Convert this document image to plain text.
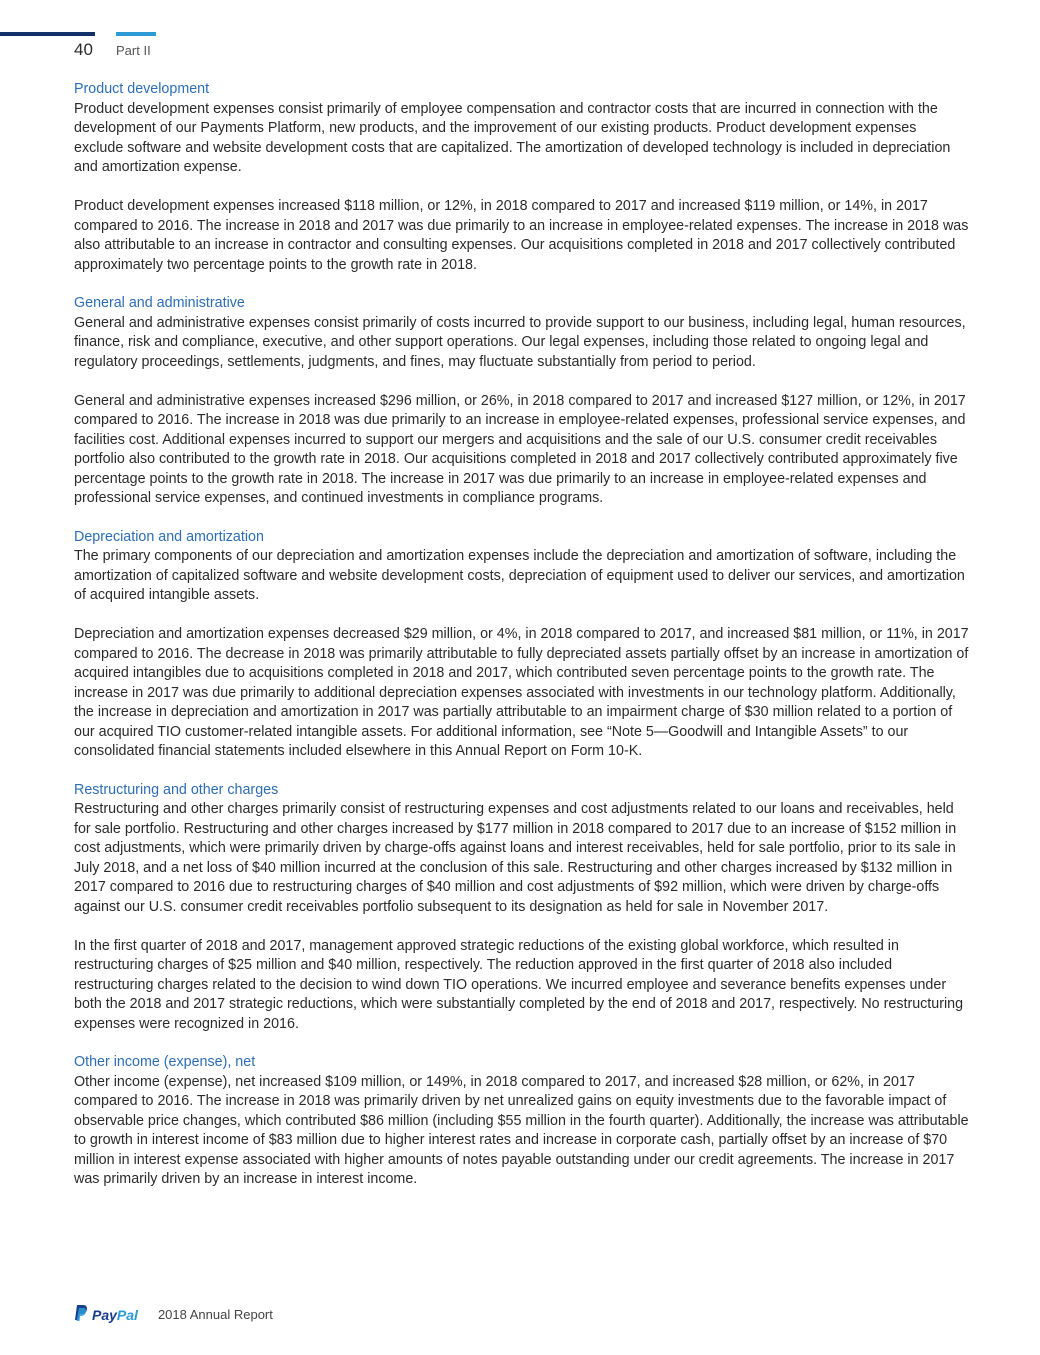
40 Part II

Product development

Product development expenses consist primarily of employee compensation and contractor costs that are incurred in connection with the development of our Payments Platform, new products, and the improvement of our existing products. Product development expenses exclude software and website development costs that are capitalized. The amortization of developed technology is included in depreciation and amortization expense.

Product development expenses increased $118 million, or 12%, in 2018 compared to 2017 and increased $119 million, or 14%, in 2017 compared to 2016. The increase in 2018 and 2017 was due primarily to an increase in employee-related expenses. The increase in 2018 was also attributable to an increase in contractor and consulting expenses. Our acquisitions completed in 2018 and 2017 collectively contributed approximately two percentage points to the growth rate in 2018.

General and administrative

General and administrative expenses consist primarily of costs incurred to provide support to our business, including legal, human resources, finance, risk and compliance, executive, and other support operations. Our legal expenses, including those related to ongoing legal and regulatory proceedings, settlements, judgments, and fines, may fluctuate substantially from period to period.

General and administrative expenses increased $296 million, or 26%, in 2018 compared to 2017 and increased $127 million, or 12%, in 2017 compared to 2016. The increase in 2018 was due primarily to an increase in employee-related expenses, professional service expenses, and facilities cost. Additional expenses incurred to support our mergers and acquisitions and the sale of our U.S. consumer credit receivables portfolio also contributed to the growth rate in 2018. Our acquisitions completed in 2018 and 2017 collectively contributed approximately five percentage points to the growth rate in 2018. The increase in 2017 was due primarily to an increase in employee-related expenses and professional service expenses, and continued investments in compliance programs.

Depreciation and amortization

The primary components of our depreciation and amortization expenses include the depreciation and amortization of software, including the amortization of capitalized software and website development costs, depreciation of equipment used to deliver our services, and amortization of acquired intangible assets.

Depreciation and amortization expenses decreased $29 million, or 4%, in 2018 compared to 2017, and increased $81 million, or 11%, in 2017 compared to 2016. The decrease in 2018 was primarily attributable to fully depreciated assets partially offset by an increase in amortization of acquired intangibles due to acquisitions completed in 2018 and 2017, which contributed seven percentage points to the growth rate. The increase in 2017 was due primarily to additional depreciation expenses associated with investments in our technology platform. Additionally, the increase in depreciation and amortization in 2017 was partially attributable to an impairment charge of $30 million related to a portion of our acquired TIO customer-related intangible assets. For additional information, see “Note 5—Goodwill and Intangible Assets” to our consolidated financial statements included elsewhere in this Annual Report on Form 10-K.

Restructuring and other charges

Restructuring and other charges primarily consist of restructuring expenses and cost adjustments related to our loans and receivables, held for sale portfolio. Restructuring and other charges increased by $177 million in 2018 compared to 2017 due to an increase of $152 million in cost adjustments, which were primarily driven by charge-offs against loans and interest receivables, held for sale portfolio, prior to its sale in July 2018, and a net loss of $40 million incurred at the conclusion of this sale. Restructuring and other charges increased by $132 million in 2017 compared to 2016 due to restructuring charges of $40 million and cost adjustments of $92 million, which were driven by charge-offs against our U.S. consumer credit receivables portfolio subsequent to its designation as held for sale in November 2017.

In the first quarter of 2018 and 2017, management approved strategic reductions of the existing global workforce, which resulted in restructuring charges of $25 million and $40 million, respectively. The reduction approved in the first quarter of 2018 also included restructuring charges related to the decision to wind down TIO operations. We incurred employee and severance benefits expenses under both the 2018 and 2017 strategic reductions, which were substantially completed by the end of 2018 and 2017, respectively. No restructuring expenses were recognized in 2016.

Other income (expense), net

Other income (expense), net increased $109 million, or 149%, in 2018 compared to 2017, and increased $28 million, or 62%, in 2017 compared to 2016. The increase in 2018 was primarily driven by net unrealized gains on equity investments due to the favorable impact of observable price changes, which contributed $86 million (including $55 million in the fourth quarter). Additionally, the increase was attributable to growth in interest income of $83 million due to higher interest rates and increase in corporate cash, partially offset by an increase of $70 million in interest expense associated with higher amounts of notes payable outstanding under our credit agreements. The increase in 2017 was primarily driven by an increase in interest income.

PayPal 2018 Annual Report
